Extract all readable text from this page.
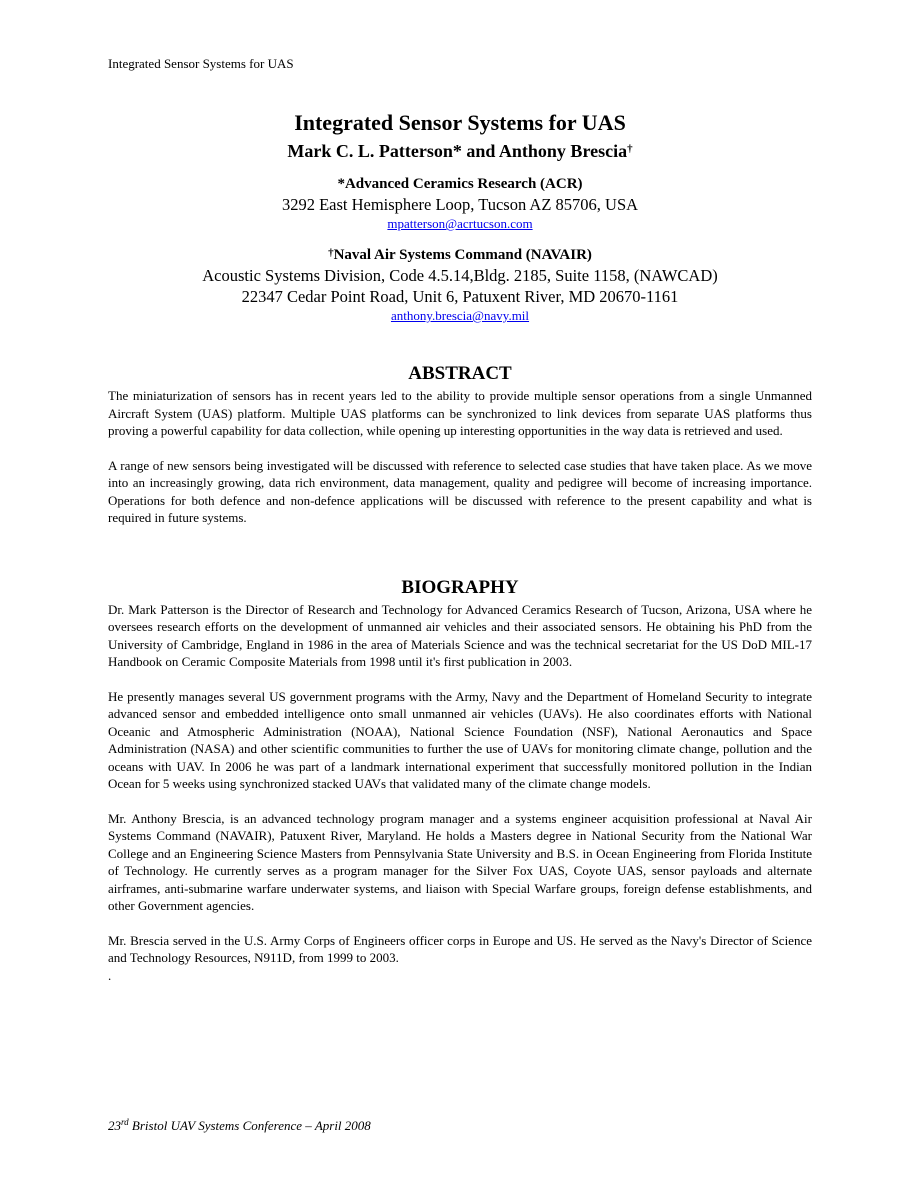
Integrated Sensor Systems for UAS
Integrated Sensor Systems for UAS

Mark C. L. Patterson* and Anthony Brescia†

*Advanced Ceramics Research (ACR)

3292 East Hemisphere Loop, Tucson AZ 85706, USA

mpatterson@acrtucson.com

†Naval Air Systems Command (NAVAIR)

Acoustic Systems Division, Code 4.5.14,Bldg. 2185, Suite 1158, (NAWCAD)

22347 Cedar Point Road, Unit 6, Patuxent River, MD 20670-1161

anthony.brescia@navy.mil

ABSTRACT

The miniaturization of sensors has in recent years led to the ability to provide multiple sensor operations from a single Unmanned Aircraft System (UAS) platform. Multiple UAS platforms can be synchronized to link devices from separate UAS platforms thus proving a powerful capability for data collection, while opening up interesting opportunities in the way data is retrieved and used.

A range of new sensors being investigated will be discussed with reference to selected case studies that have taken place. As we move into an increasingly growing, data rich environment, data management, quality and pedigree will become of increasing importance. Operations for both defence and non-defence applications will be discussed with reference to the present capability and what is required in future systems.

BIOGRAPHY

Dr. Mark Patterson is the Director of Research and Technology for Advanced Ceramics Research of Tucson, Arizona, USA where he oversees research efforts on the development of unmanned air vehicles and their associated sensors. He obtaining his PhD from the University of Cambridge, England in 1986 in the area of Materials Science and was the technical secretariat for the US DoD MIL-17 Handbook on Ceramic Composite Materials from 1998 until it's first publication in 2003.

He presently manages several US government programs with the Army, Navy and the Department of Homeland Security to integrate advanced sensor and embedded intelligence onto small unmanned air vehicles (UAVs). He also coordinates efforts with National Oceanic and Atmospheric Administration (NOAA), National Science Foundation (NSF), National Aeronautics and Space Administration (NASA) and other scientific communities to further the use of UAVs for monitoring climate change, pollution and the oceans with UAV. In 2006 he was part of a landmark international experiment that successfully monitored pollution in the Indian Ocean for 5 weeks using synchronized stacked UAVs that validated many of the climate change models.

Mr. Anthony Brescia, is an advanced technology program manager and a systems engineer acquisition professional at Naval Air Systems Command (NAVAIR), Patuxent River, Maryland. He holds a Masters degree in National Security from the National War College and an Engineering Science Masters from Pennsylvania State University and B.S. in Ocean Engineering from Florida Institute of Technology. He currently serves as a program manager for the Silver Fox UAS, Coyote UAS, sensor payloads and alternate airframes, anti-submarine warfare underwater systems, and liaison with Special Warfare groups, foreign defense establishments, and other Government agencies.

Mr. Brescia served in the U.S. Army Corps of Engineers officer corps in Europe and US. He served as the Navy's Director of Science and Technology Resources, N911D, from 1999 to 2003.

.

23rd Bristol UAV Systems Conference – April 2008
